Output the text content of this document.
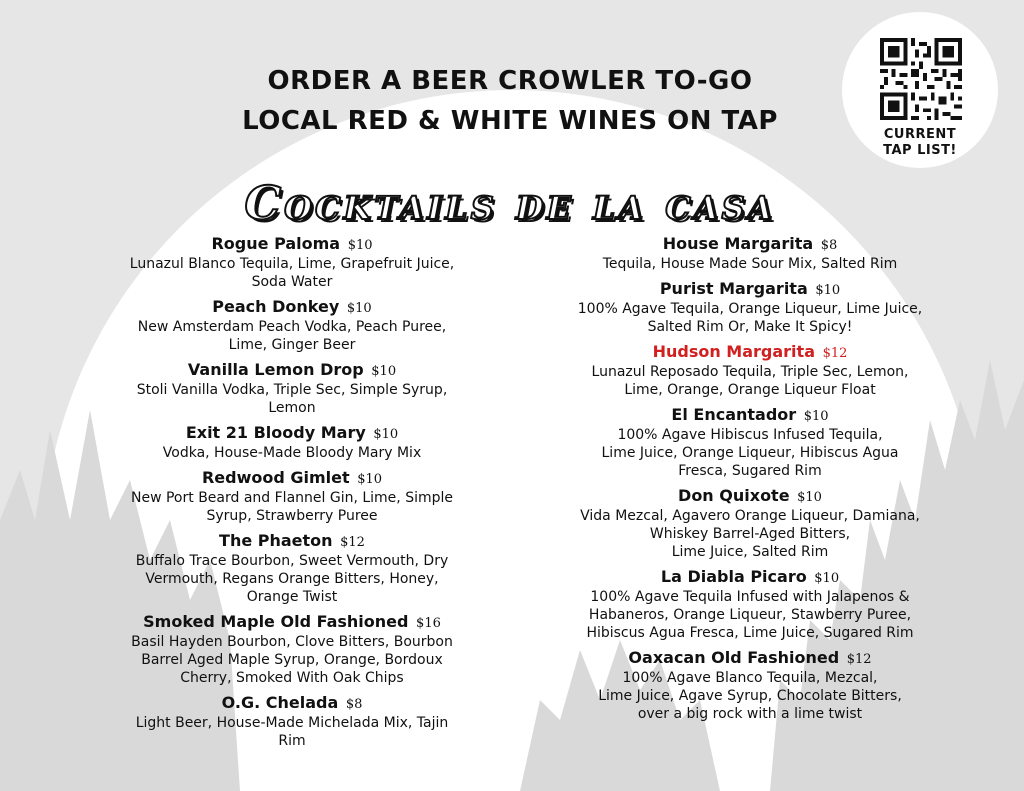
ORDER A BEER CROWLER TO-GO
LOCAL RED & WHITE WINES ON TAP
Cocktails de la casa
CURRENT
TAP LIST!
Rogue Paloma $10
Lunazul Blanco Tequila, Lime, Grapefruit Juice,
Soda Water
Peach Donkey $10
New Amsterdam Peach Vodka, Peach Puree,
Lime, Ginger Beer
Vanilla Lemon Drop $10
Stoli Vanilla Vodka, Triple Sec, Simple Syrup,
Lemon
Exit 21 Bloody Mary $10
Vodka, House-Made Bloody Mary Mix
Redwood Gimlet $10
New Port Beard and Flannel Gin, Lime, Simple
Syrup, Strawberry Puree
The Phaeton $12
Buffalo Trace Bourbon, Sweet Vermouth, Dry
Vermouth, Regans Orange Bitters, Honey,
Orange Twist
Smoked Maple Old Fashioned $16
Basil Hayden Bourbon, Clove Bitters, Bourbon
Barrel Aged Maple Syrup, Orange, Bordoux
Cherry, Smoked With Oak Chips
O.G. Chelada $8
Light Beer, House-Made Michelada Mix, Tajin
Rim
House Margarita $8
Tequila, House Made Sour Mix, Salted Rim
Purist Margarita $10
100% Agave Tequila, Orange Liqueur, Lime Juice,
Salted Rim Or, Make It Spicy!
Hudson Margarita $12
Lunazul Reposado Tequila, Triple Sec, Lemon,
Lime, Orange, Orange Liqueur Float
El Encantador $10
100% Agave Hibiscus Infused Tequila,
Lime Juice, Orange Liqueur, Hibiscus Agua
Fresca, Sugared Rim
Don Quixote $10
Vida Mezcal, Agavero Orange Liqueur, Damiana,
Whiskey Barrel-Aged Bitters,
Lime Juice, Salted Rim
La Diabla Picaro $10
100% Agave Tequila Infused with Jalapenos &
Habaneros, Orange Liqueur, Stawberry Puree,
Hibiscus Agua Fresca, Lime Juice, Sugared Rim
Oaxacan Old Fashioned $12
100% Agave Blanco Tequila, Mezcal,
Lime Juice, Agave Syrup, Chocolate Bitters,
over a big rock with a lime twist
